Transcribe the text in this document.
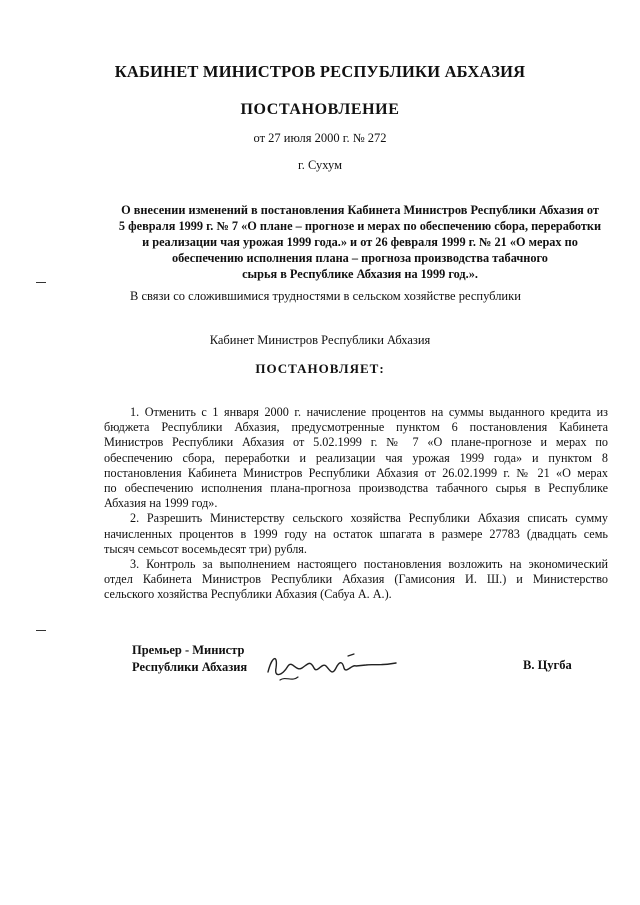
КАБИНЕТ МИНИСТРОВ РЕСПУБЛИКИ АБХАЗИЯ
ПОСТАНОВЛЕНИЕ
от 27 июля 2000 г. № 272
г. Сухум
О внесении изменений в постановления Кабинета Министров Республики Абхазия от
5 февраля 1999 г. № 7 «О плане – прогнозе и мерах по обеспечению сбора, переработки
и реализации чая урожая 1999 года.» и от 26 февраля 1999 г. № 21 «О мерах по
обеспечению исполнения плана – прогноза производства табачного
сырья в Республике Абхазия на 1999 год.».
В связи со сложившимися трудностями в сельском хозяйстве республики
Кабинет Министров Республики Абхазия
ПОСТАНОВЛЯЕТ:
1. Отменить с 1 января 2000 г. начисление процентов на суммы выданного кредита из
бюджета Республики Абхазия, предусмотренные пунктом 6 постановления Кабинета
Министров Республики Абхазия от 5.02.1999 г. № 7 «О плане-прогнозе и мерах по
обеспечению сбора, переработки и реализации чая урожая 1999 года» и пунктом 8
постановления Кабинета Министров Республики Абхазия от 26.02.1999 г. № 21 «О мерах
по обеспечению исполнения плана-прогноза производства табачного сырья в Республике
Абхазия на 1999 год».
2. Разрешить Министерству сельского хозяйства Республики Абхазия списать сумму
начисленных процентов в 1999 году на остаток шпагата в размере 27783 (двадцать семь
тысяч семьсот восемьдесят три) рубля.
3. Контроль за выполнением настоящего постановления возложить на экономический
отдел Кабинета Министров Республики Абхазия (Гамисония И. Ш.) и Министерство
сельского хозяйства Республики Абхазия (Сабуа А. А.).
Премьер - Министр
Республики Абхазия	В. Цугба
